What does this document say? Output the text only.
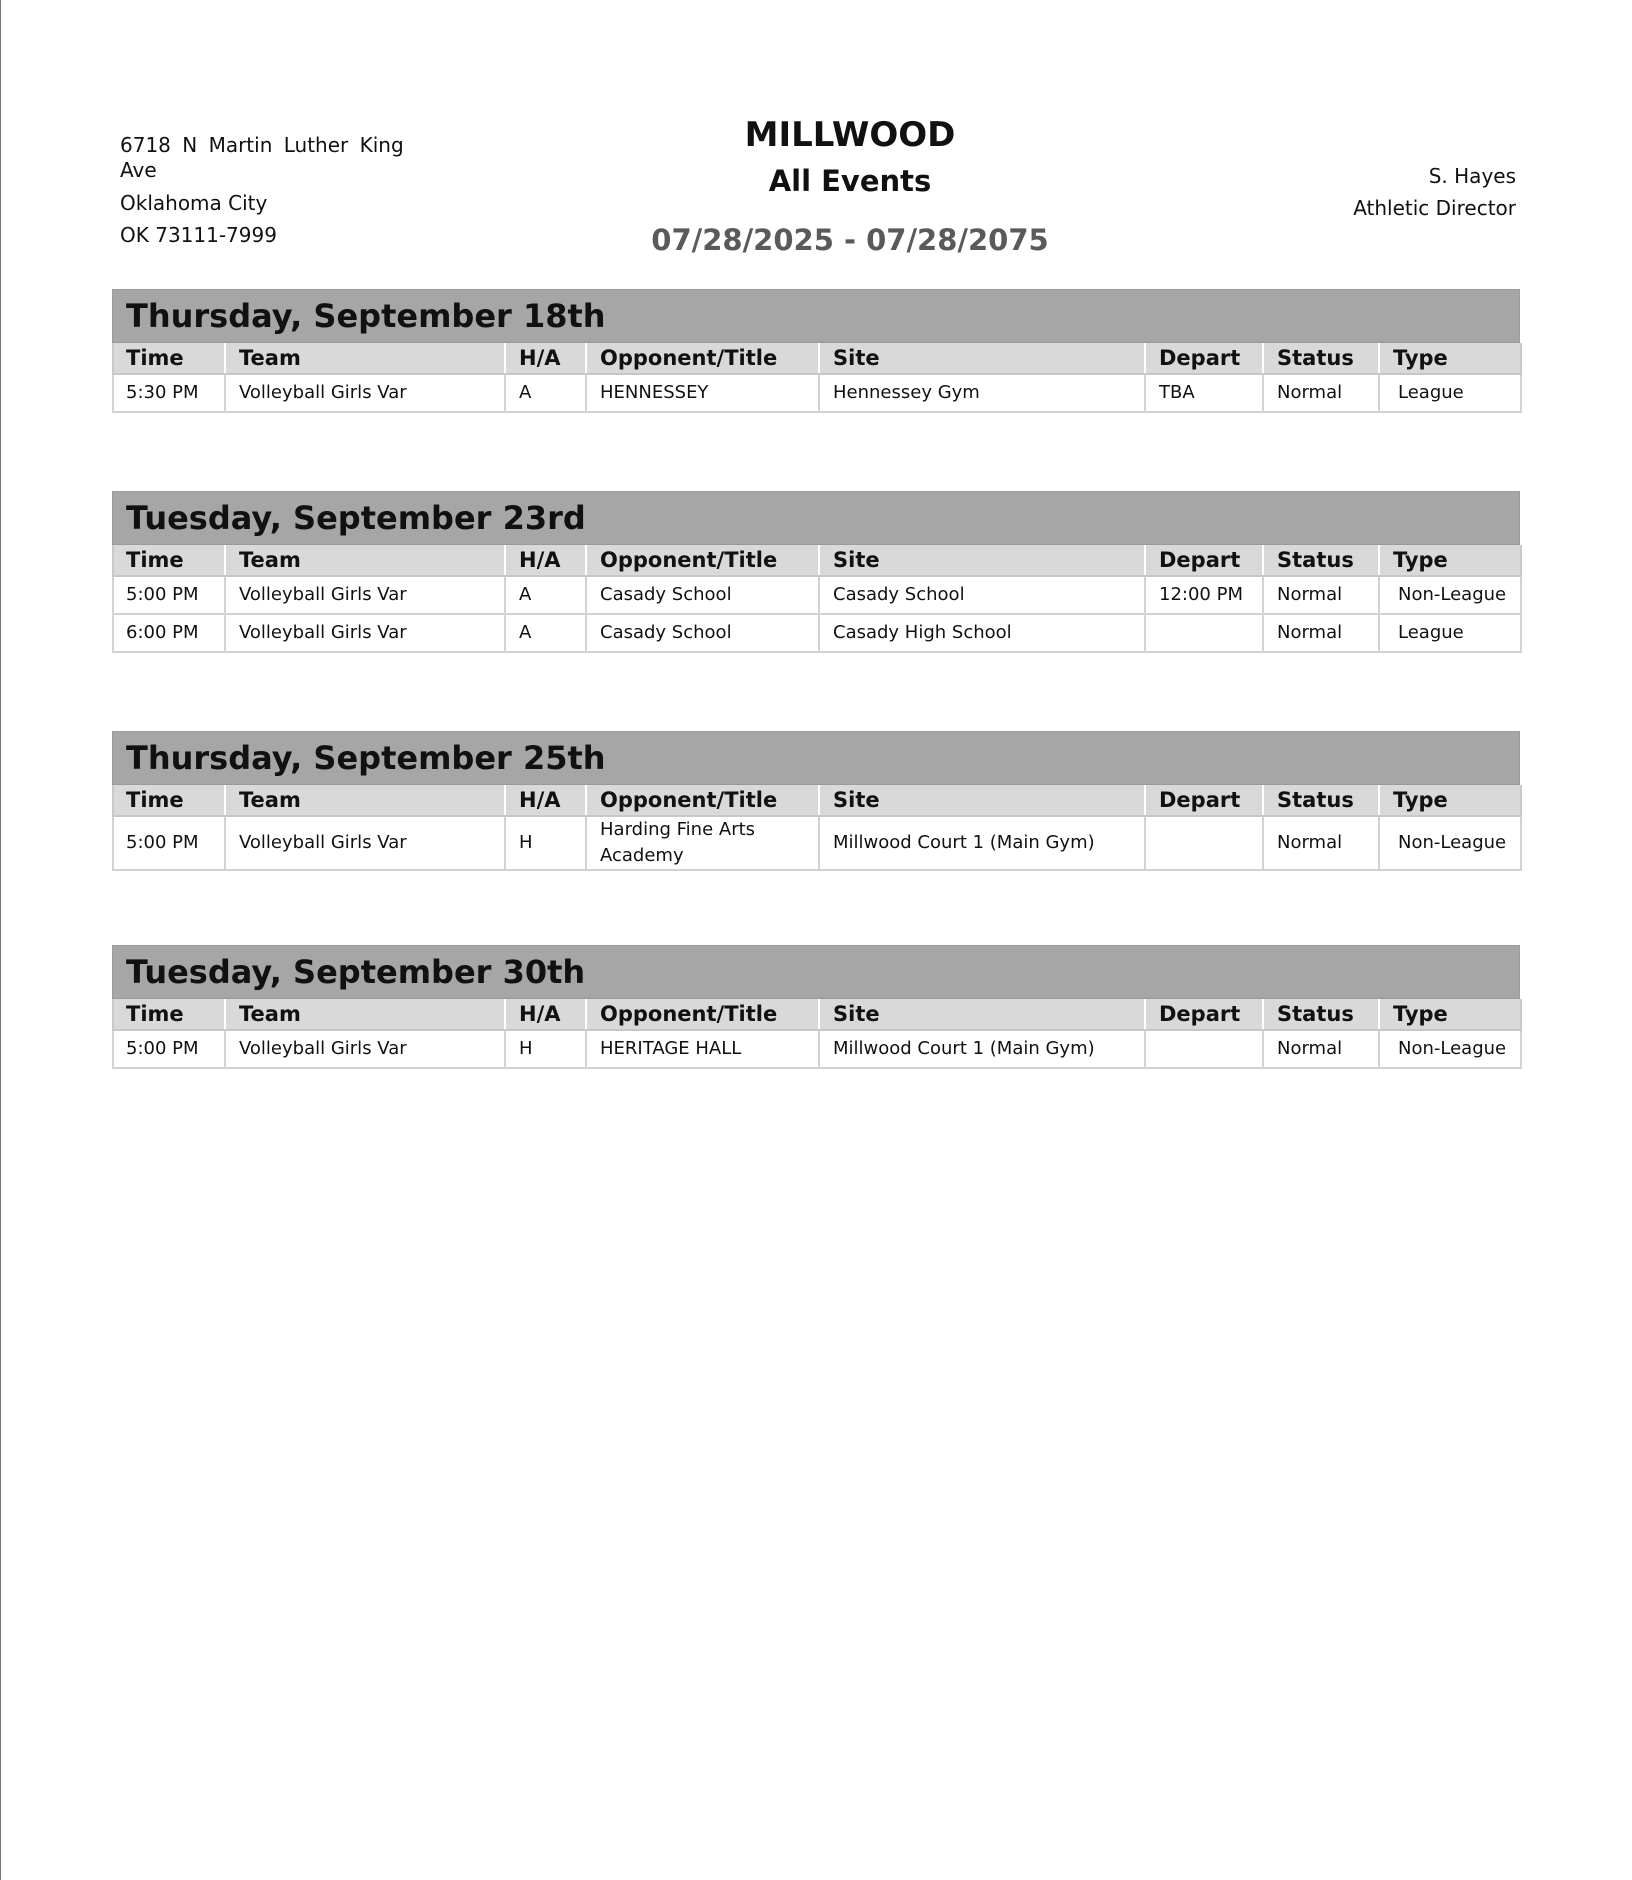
6718 N Martin Luther King
Ave
Oklahoma City
OK 73111-7999
MILLWOOD
All Events
07/28/2025 - 07/28/2075
S. Hayes
Athletic Director
Thursday, September 18th
Time	Team	H/A	Opponent/Title	Site	Depart	Status	Type
5:30 PM	Volleyball Girls Var	A	HENNESSEY	Hennessey Gym	TBA	Normal	League
Tuesday, September 23rd
Time	Team	H/A	Opponent/Title	Site	Depart	Status	Type
5:00 PM	Volleyball Girls Var	A	Casady School	Casady School	12:00 PM	Normal	Non-League
6:00 PM	Volleyball Girls Var	A	Casady School	Casady High School		Normal	League
Thursday, September 25th
Time	Team	H/A	Opponent/Title	Site	Depart	Status	Type
5:00 PM	Volleyball Girls Var	H	Harding Fine Arts Academy	Millwood Court 1 (Main Gym)		Normal	Non-League
Tuesday, September 30th
Time	Team	H/A	Opponent/Title	Site	Depart	Status	Type
5:00 PM	Volleyball Girls Var	H	HERITAGE HALL	Millwood Court 1 (Main Gym)		Normal	Non-League
